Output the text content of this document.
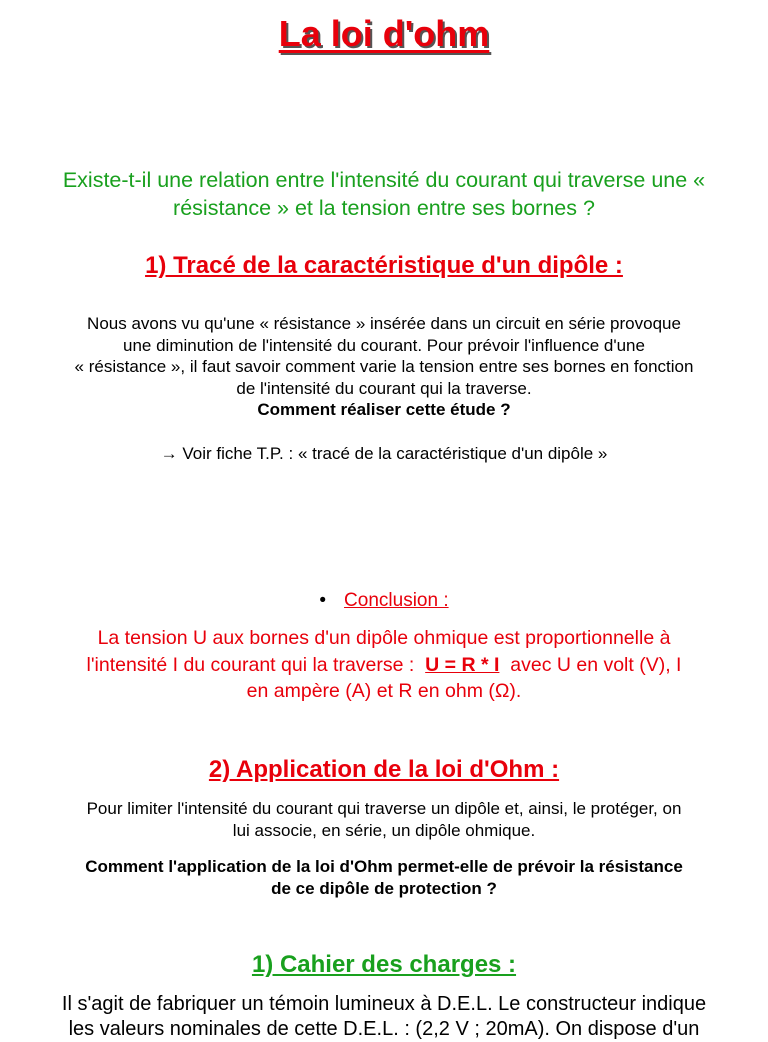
La loi d'ohm
Existe-t-il une relation entre l'intensité du courant qui traverse une « résistance » et la tension entre ses bornes ?
1) Tracé de la caractéristique d'un dipôle :
Nous avons vu qu'une « résistance » insérée dans un circuit en série provoque
une diminution de l'intensité du courant. Pour prévoir l'influence d'une
« résistance », il faut savoir comment varie la tension entre ses bornes en fonction
de l'intensité du courant qui la traverse.
Comment réaliser cette étude ?
→ Voir fiche T.P. : « tracé de la caractéristique d'un dipôle »
• Conclusion :
La tension U aux bornes d'un dipôle ohmique est proportionnelle à
l'intensité I du courant qui la traverse : U = R * I avec U en volt (V), I
en ampère (A) et R en ohm (Ω).
2) Application de la loi d'Ohm :
Pour limiter l'intensité du courant qui traverse un dipôle et, ainsi, le protéger, on
lui associe, en série, un dipôle ohmique.
Comment l'application de la loi d'Ohm permet-elle de prévoir la résistance
de ce dipôle de protection ?
1) Cahier des charges :
Il s'agit de fabriquer un témoin lumineux à D.E.L. Le constructeur indique
les valeurs nominales de cette D.E.L. : (2,2 V ; 20mA). On dispose d'un
